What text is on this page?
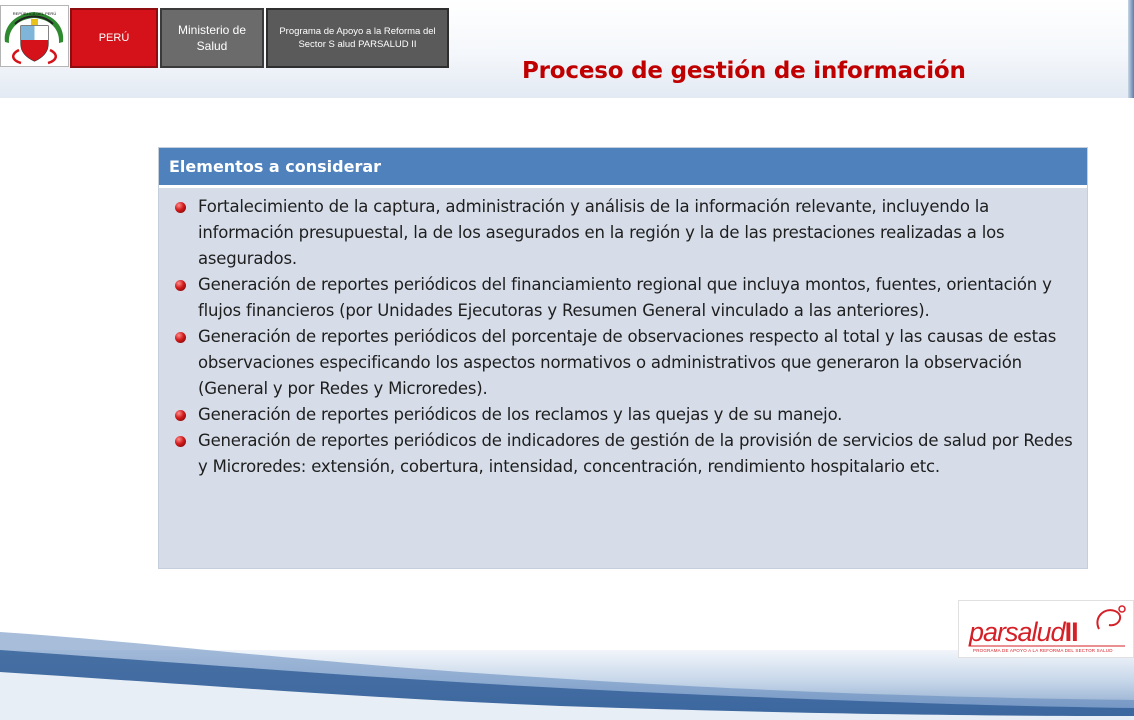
REPÚBLICA DEL PERÚ
PERÚ
Ministerio de Salud
Programa de Apoyo a la Reforma del Sector S alud PARSALUD II
Proceso de gestión de información
Elementos a considerar
Fortalecimiento de la captura, administración y análisis de la información relevante, incluyendo la información presupuestal, la de los asegurados en la región y la de las prestaciones realizadas a los asegurados.
Generación de reportes periódicos del financiamiento regional que incluya montos, fuentes, orientación y flujos financieros (por Unidades Ejecutoras y Resumen General vinculado a las anteriores).
Generación de reportes periódicos del porcentaje de observaciones respecto al total y las causas de estas observaciones especificando los aspectos normativos o administrativos que generaron la observación (General y por Redes y Microredes).
Generación de reportes periódicos de los reclamos y las quejas y de su manejo.
Generación de reportes periódicos de indicadores de gestión de la provisión de servicios de salud por Redes y Microredes: extensión, cobertura, intensidad, concentración, rendimiento hospitalario etc.

parsaludII

PROGRAMA DE APOYO A LA REFORMA DEL SECTOR SALUD
